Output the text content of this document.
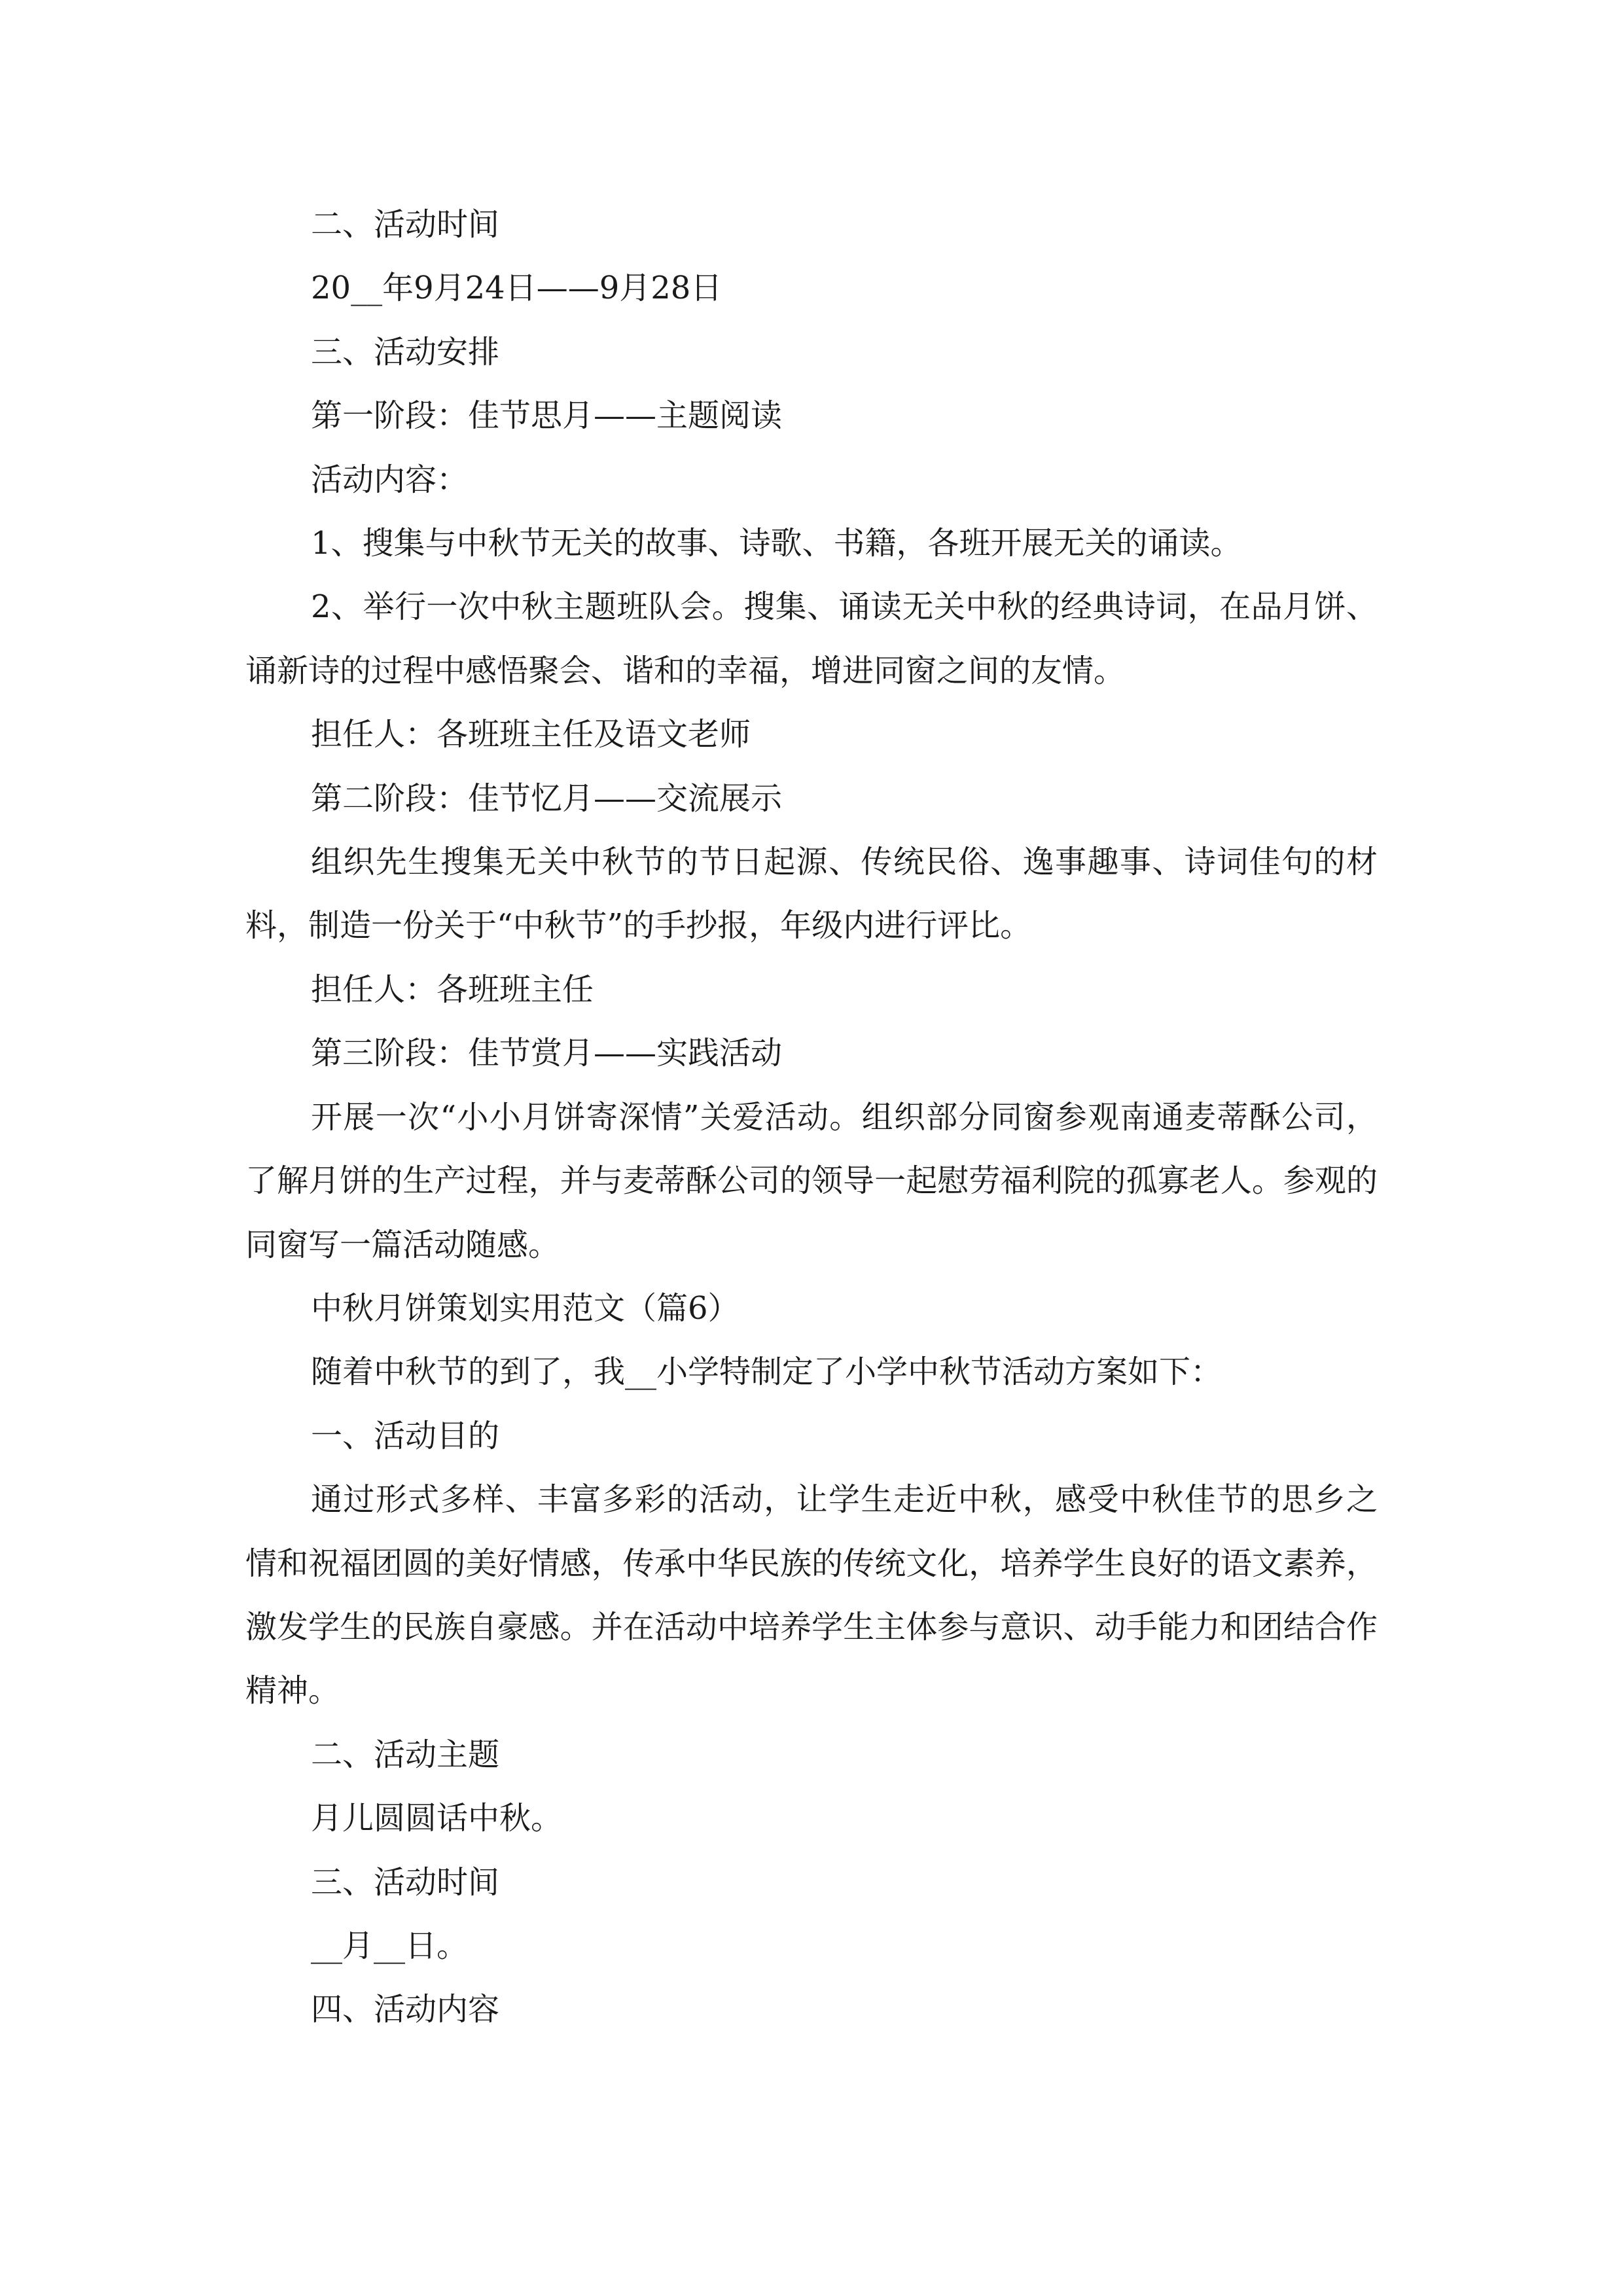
二、活动时间

20__年9月24日——9月28日

三、活动安排

第一阶段：佳节思月——主题阅读

活动内容：

1、搜集与中秋节无关的故事、诗歌、书籍，各班开展无关的诵读。

2、举行一次中秋主题班队会。搜集、诵读无关中秋的经典诗词，在品月饼、诵新诗的过程中感悟聚会、谐和的幸福，增进同窗之间的友情。

担任人：各班班主任及语文老师

第二阶段：佳节忆月——交流展示

组织先生搜集无关中秋节的节日起源、传统民俗、逸事趣事、诗词佳句的材料，制造一份关于“中秋节”的手抄报，年级内进行评比。

担任人：各班班主任

第三阶段：佳节赏月——实践活动

开展一次“小小月饼寄深情”关爱活动。组织部分同窗参观南通麦蒂酥公司，了解月饼的生产过程，并与麦蒂酥公司的领导一起慰劳福利院的孤寡老人。参观的同窗写一篇活动随感。

中秋月饼策划实用范文（篇6）

随着中秋节的到了，我__小学特制定了小学中秋节活动方案如下：

一、活动目的

通过形式多样、丰富多彩的活动，让学生走近中秋，感受中秋佳节的思乡之情和祝福团圆的美好情感，传承中华民族的传统文化，培养学生良好的语文素养，激发学生的民族自豪感。并在活动中培养学生主体参与意识、动手能力和团结合作精神。

二、活动主题

月儿圆圆话中秋。

三、活动时间

__月__日。

四、活动内容
